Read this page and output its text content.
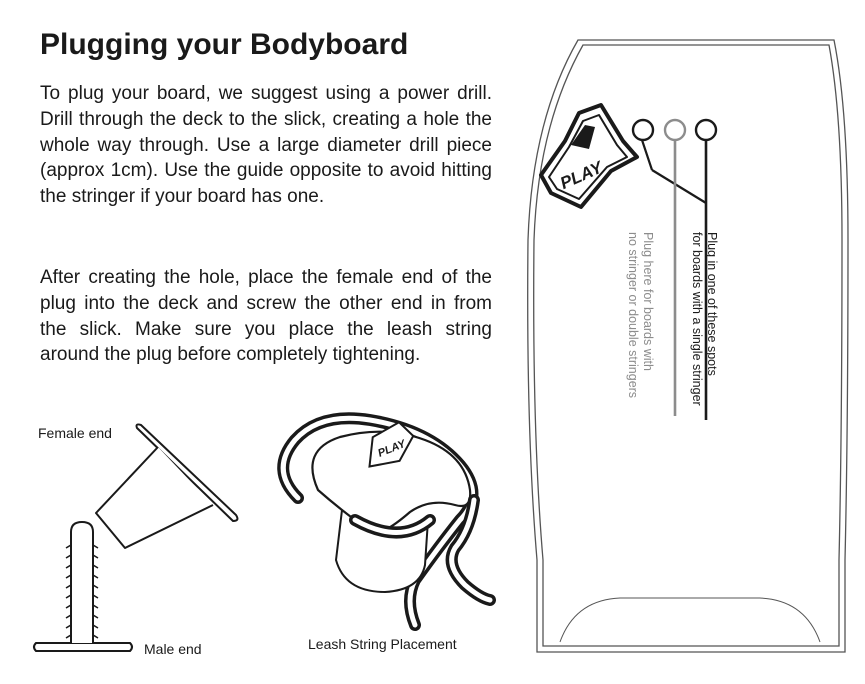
Plugging your Bodyboard

To plug your board, we suggest using a power drill. Drill through the deck to the slick, creating a hole the whole way through. Use a large diameter drill piece (approx 1cm). Use the guide opposite to avoid hitting the stringer if your board has one.

After creating the hole, place the female end of the plug into the deck and screw the other end in from the slick. Make sure you place the leash string around the plug before completely tightening.

PLAY
PLAY
Plug in one of these spots
for boards with a single stringer
Plug here for boards with
no stringer or double stringers
Female end
Male end	Leash String Placement
